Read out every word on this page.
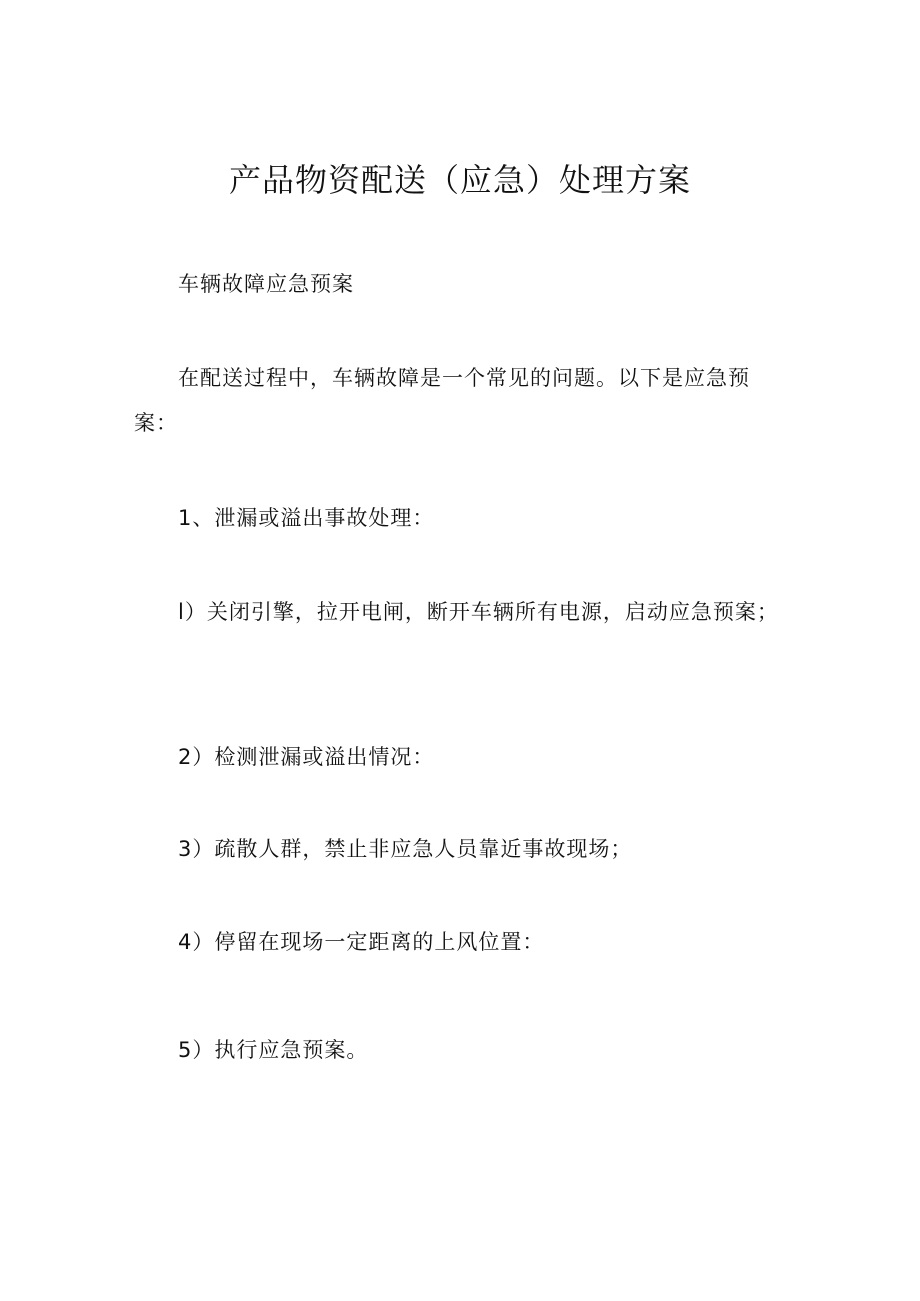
产品物资配送（应急）处理方案

车辆故障应急预案

在配送过程中，车辆故障是一个常见的问题。以下是应急预案：

1、泄漏或溢出事故处理：

l）关闭引擎，拉开电闸，断开车辆所有电源，启动应急预案；

2）检测泄漏或溢出情况：

3）疏散人群，禁止非应急人员靠近事故现场；

4）停留在现场一定距离的上风位置：

5）执行应急预案。
